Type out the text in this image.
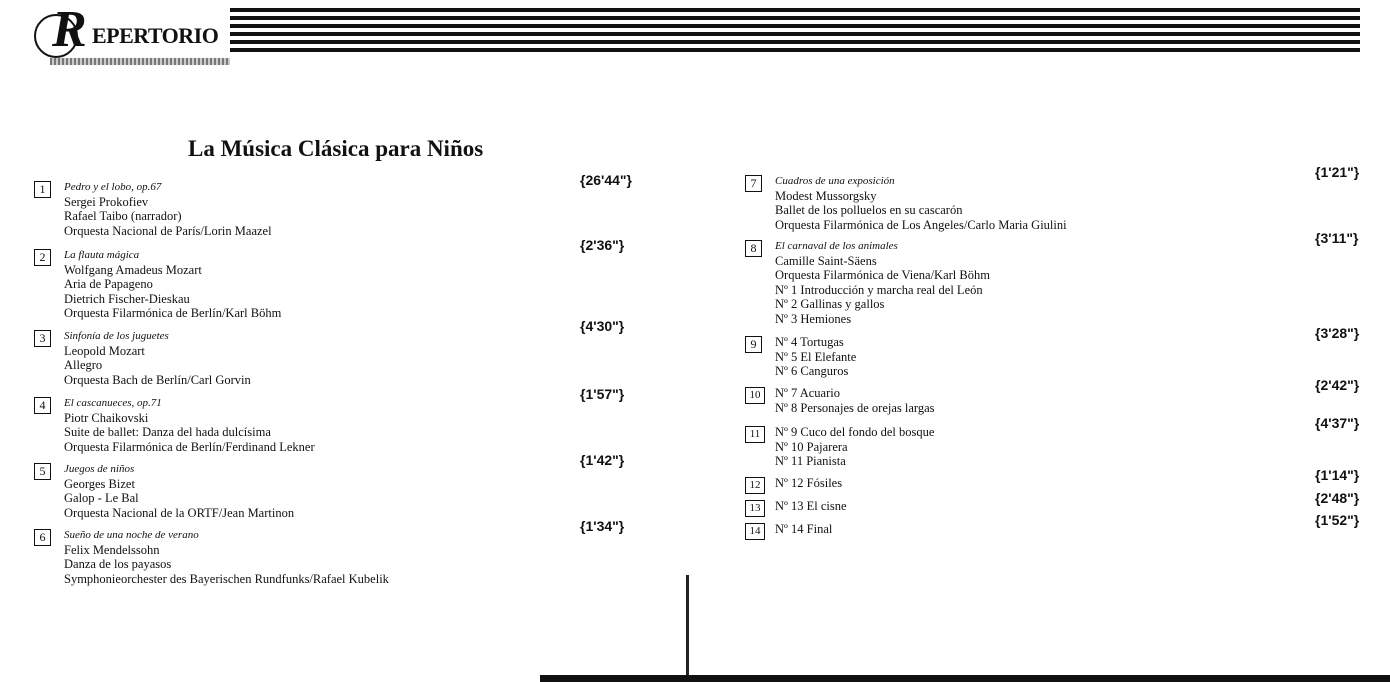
R EPERTORIO
La Música Clásica para Niños
1	Pedro y el lobo, op.67
Sergei Prokofiev
Rafael Taibo (narrador)
Orquesta Nacional de París/Lorin Maazel
{26'44"}
2	La flauta mágica
Wolfgang Amadeus Mozart
Aria de Papageno
Dietrich Fischer-Dieskau
Orquesta Filarmónica de Berlín/Karl Böhm
{2'36"}
3	Sinfonía de los juguetes
Leopold Mozart
Allegro
Orquesta Bach de Berlín/Carl Gorvin
{4'30"}
4	El cascanueces, op.71
Piotr Chaikovski
Suite de ballet: Danza del hada dulcísima
Orquesta Filarmónica de Berlín/Ferdinand Lekner
{1'57"}
5	Juegos de niños
Georges Bizet
Galop - Le Bal
Orquesta Nacional de la ORTF/Jean Martinon
{1'42"}
6	Sueño de una noche de verano
Felix Mendelssohn
Danza de los payasos
Symphonieorchester des Bayerischen Rundfunks/Rafael Kubelik
{1'34"}
7	Cuadros de una exposición
Modest Mussorgsky
Ballet de los polluelos en su cascarón
Orquesta Filarmónica de Los Angeles/Carlo Maria Giulini
{1'21"}
8	El carnaval de los animales
Camille Saint-Säens
Orquesta Filarmónica de Viena/Karl Böhm
Nº 1 Introducción y marcha real del León
Nº 2 Gallinas y gallos
Nº 3 Hemiones
{3'11"}
9	Nº 4 Tortugas
Nº 5 El Elefante
Nº 6 Canguros
{3'28"}
10	Nº 7 Acuario
Nº 8 Personajes de orejas largas
{2'42"}
11	Nº 9 Cuco del fondo del bosque
Nº 10 Pajarera
Nº 11 Pianista
{4'37"}
12	Nº 12 Fósiles	{1'14"}
13	Nº 13 El cisne	{2'48"}
14	Nº 14 Final
{1'52"}
